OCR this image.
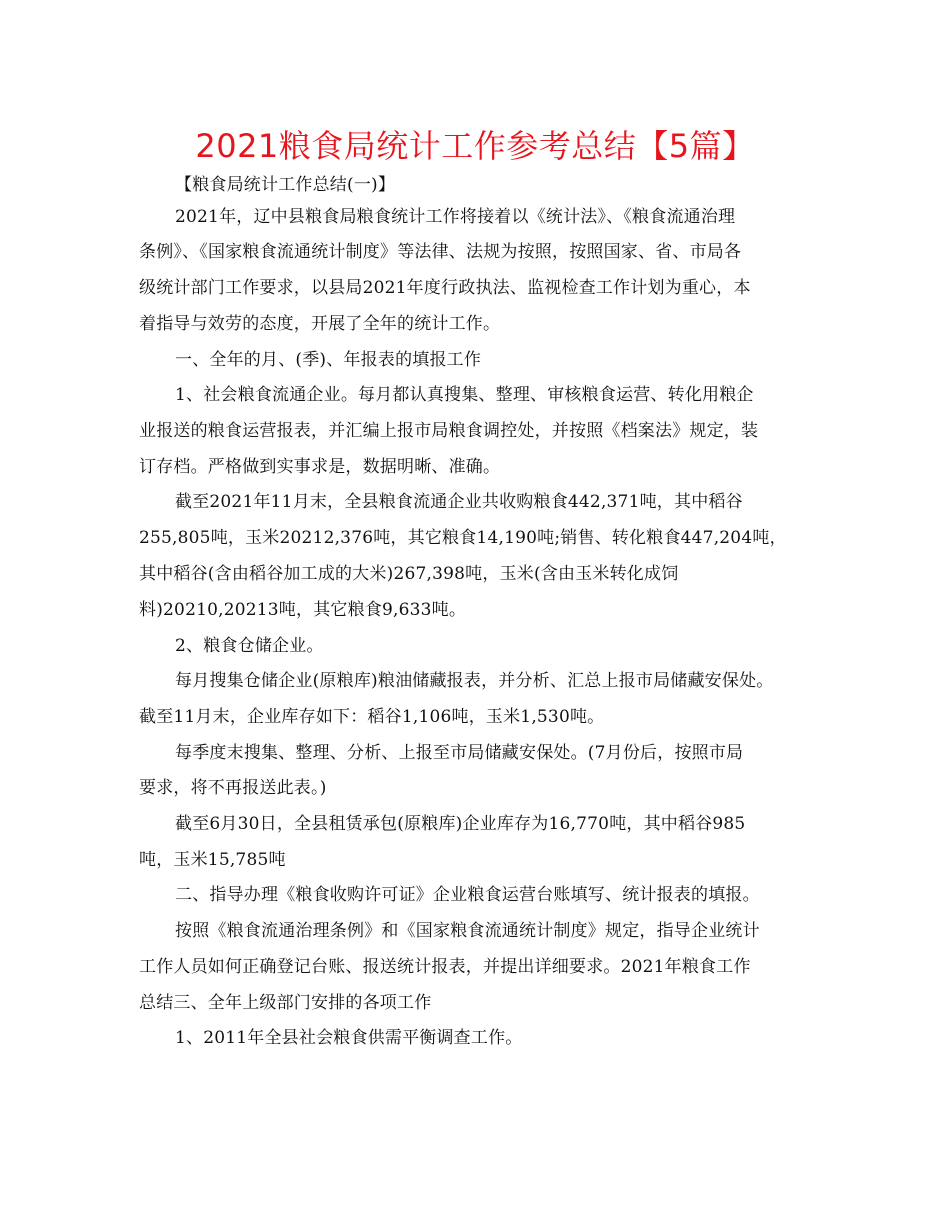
2021粮食局统计工作参考总结【5篇】
【粮食局统计工作总结(一)】
2021年，辽中县粮食局粮食统计工作将接着以《统计法》、《粮食流通治理
条例》、《国家粮食流通统计制度》等法律、法规为按照，按照国家、省、市局各
级统计部门工作要求，以县局2021年度行政执法、监视检查工作计划为重心，本
着指导与效劳的态度，开展了全年的统计工作。
一、全年的月、(季)、年报表的填报工作
1、社会粮食流通企业。每月都认真搜集、整理、审核粮食运营、转化用粮企
业报送的粮食运营报表，并汇编上报市局粮食调控处，并按照《档案法》规定，装
订存档。严格做到实事求是，数据明晰、准确。
截至2021年11月末，全县粮食流通企业共收购粮食442,371吨，其中稻谷
255,805吨，玉米20212,376吨，其它粮食14,190吨;销售、转化粮食447,204吨，
其中稻谷(含由稻谷加工成的大米)267,398吨，玉米(含由玉米转化成饲
料)20210,20213吨，其它粮食9,633吨。
2、粮食仓储企业。
每月搜集仓储企业(原粮库)粮油储藏报表，并分析、汇总上报市局储藏安保处。
截至11月末，企业库存如下：稻谷1,106吨，玉米1,530吨。
每季度末搜集、整理、分析、上报至市局储藏安保处。(7月份后，按照市局
要求，将不再报送此表。)
截至6月30日，全县租赁承包(原粮库)企业库存为16,770吨，其中稻谷985
吨，玉米15,785吨
二、指导办理《粮食收购许可证》企业粮食运营台账填写、统计报表的填报。
按照《粮食流通治理条例》和《国家粮食流通统计制度》规定，指导企业统计
工作人员如何正确登记台账、报送统计报表，并提出详细要求。2021年粮食工作
总结三、全年上级部门安排的各项工作
1、2011年全县社会粮食供需平衡调查工作。
